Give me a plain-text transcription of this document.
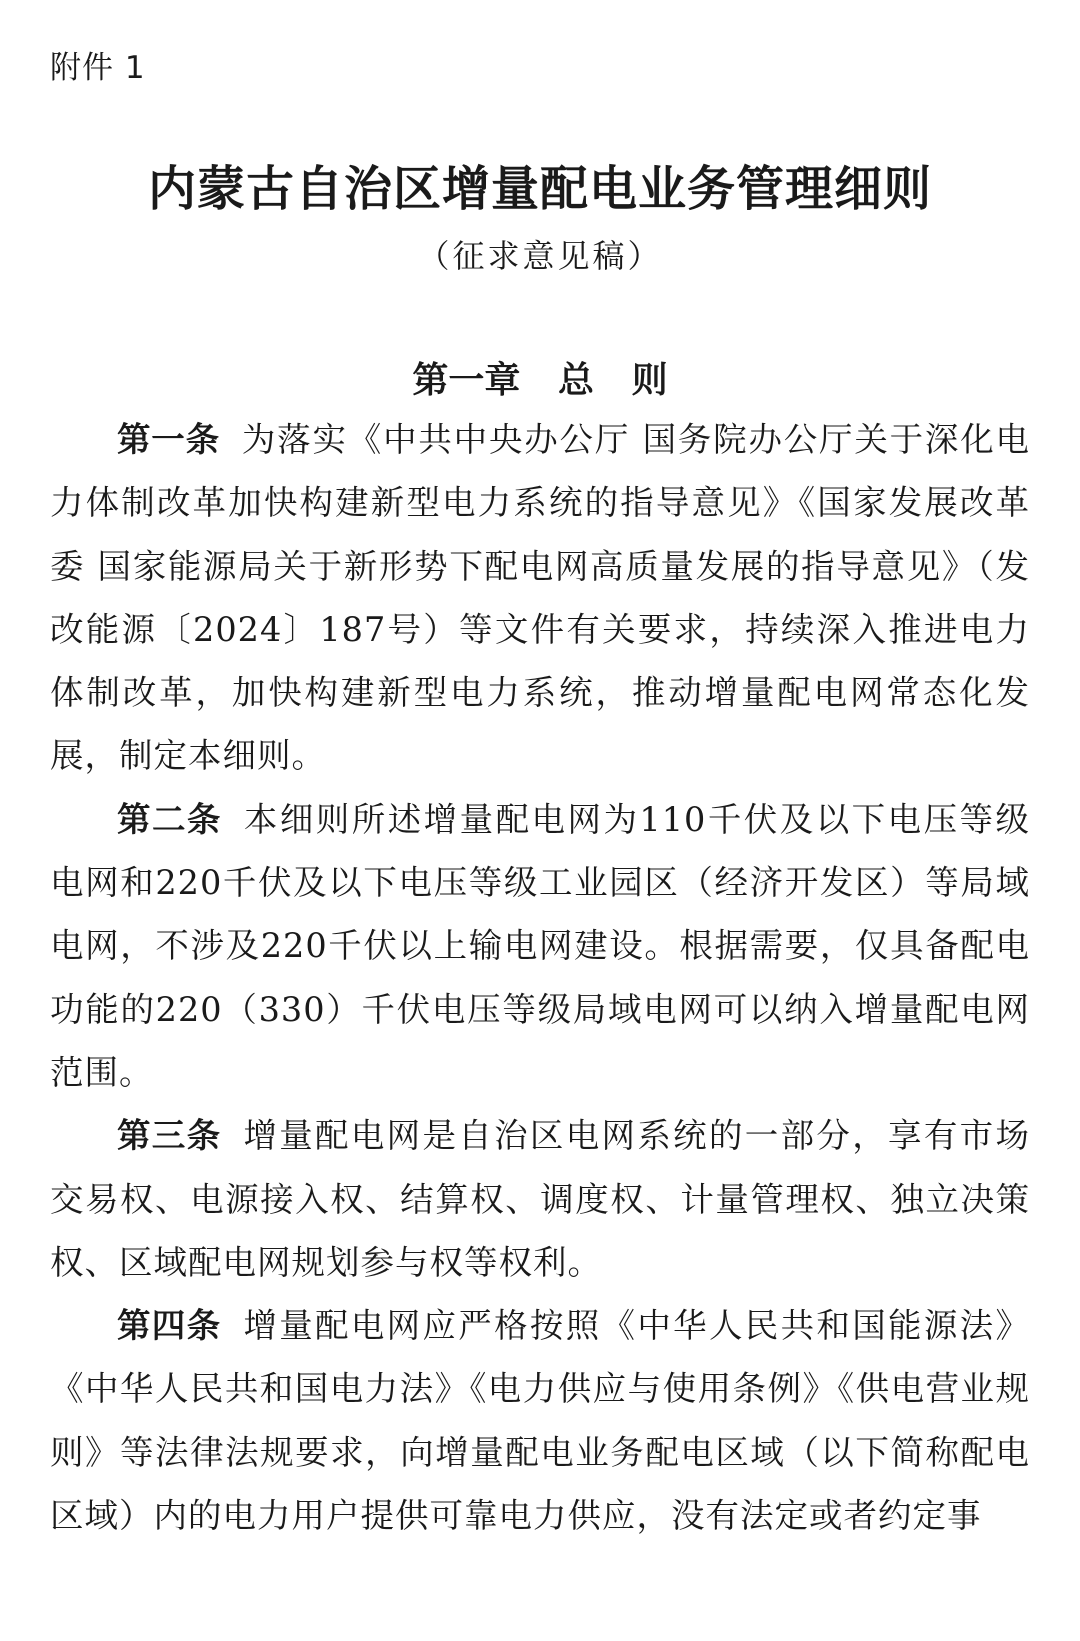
附件 1
内蒙古自治区增量配电业务管理细则
（征求意见稿）
第一章   总   则

第一条 为落实《中共中央办公厅 国务院办公厅关于深化电力体制改革加快构建新型电力系统的指导意见》《国家发展改革委 国家能源局关于新形势下配电网高质量发展的指导意见》（发改能源〔2024〕187号）等文件有关要求，持续深入推进电力体制改革，加快构建新型电力系统，推动增量配电网常态化发展，制定本细则。

第二条 本细则所述增量配电网为110千伏及以下电压等级电网和220千伏及以下电压等级工业园区（经济开发区）等局域电网，不涉及220千伏以上输电网建设。根据需要，仅具备配电功能的220（330）千伏电压等级局域电网可以纳入增量配电网范围。

第三条 增量配电网是自治区电网系统的一部分，享有市场交易权、电源接入权、结算权、调度权、计量管理权、独立决策权、区域配电网规划参与权等权利。

第四条 增量配电网应严格按照《中华人民共和国能源法》《中华人民共和国电力法》《电力供应与使用条例》《供电营业规则》等法律法规要求，向增量配电业务配电区域（以下简称配电区域）内的电力用户提供可靠电力供应，没有法定或者约定事
